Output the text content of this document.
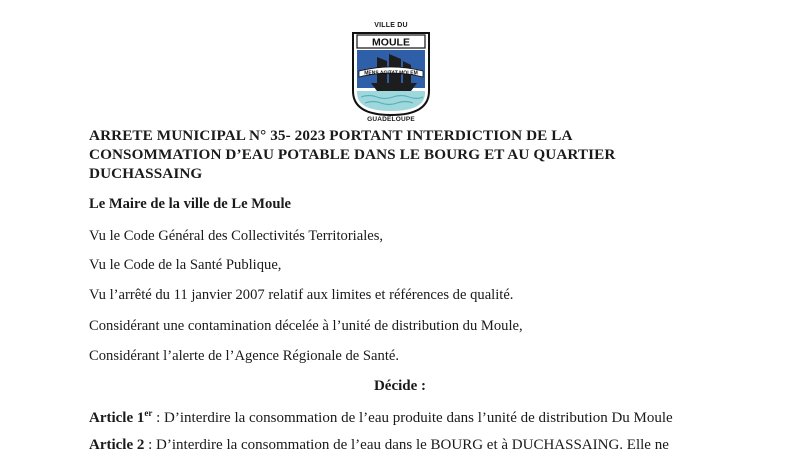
VILLE DU
MOULE
MENS AGITAT MOLEM
GUADELOUPE
ARRETE MUNICIPAL N° 35- 2023 PORTANT INTERDICTION DE LA
CONSOMMATION D’EAU POTABLE DANS LE BOURG ET AU QUARTIER
DUCHASSAING
Le Maire de la ville de Le Moule
Vu le Code Général des Collectivités Territoriales,
Vu le Code de la Santé Publique,
Vu l’arrêté du 11 janvier 2007 relatif aux limites et références de qualité.
Considérant une contamination décelée à l’unité de distribution du Moule,
Considérant l’alerte de l’Agence Régionale de Santé.
Décide :
Article 1er : D’interdire la consommation de l’eau produite dans l’unité de distribution Du Moule
Article 2 : D’interdire la consommation de l’eau dans le BOURG et à DUCHASSAING. Elle ne
